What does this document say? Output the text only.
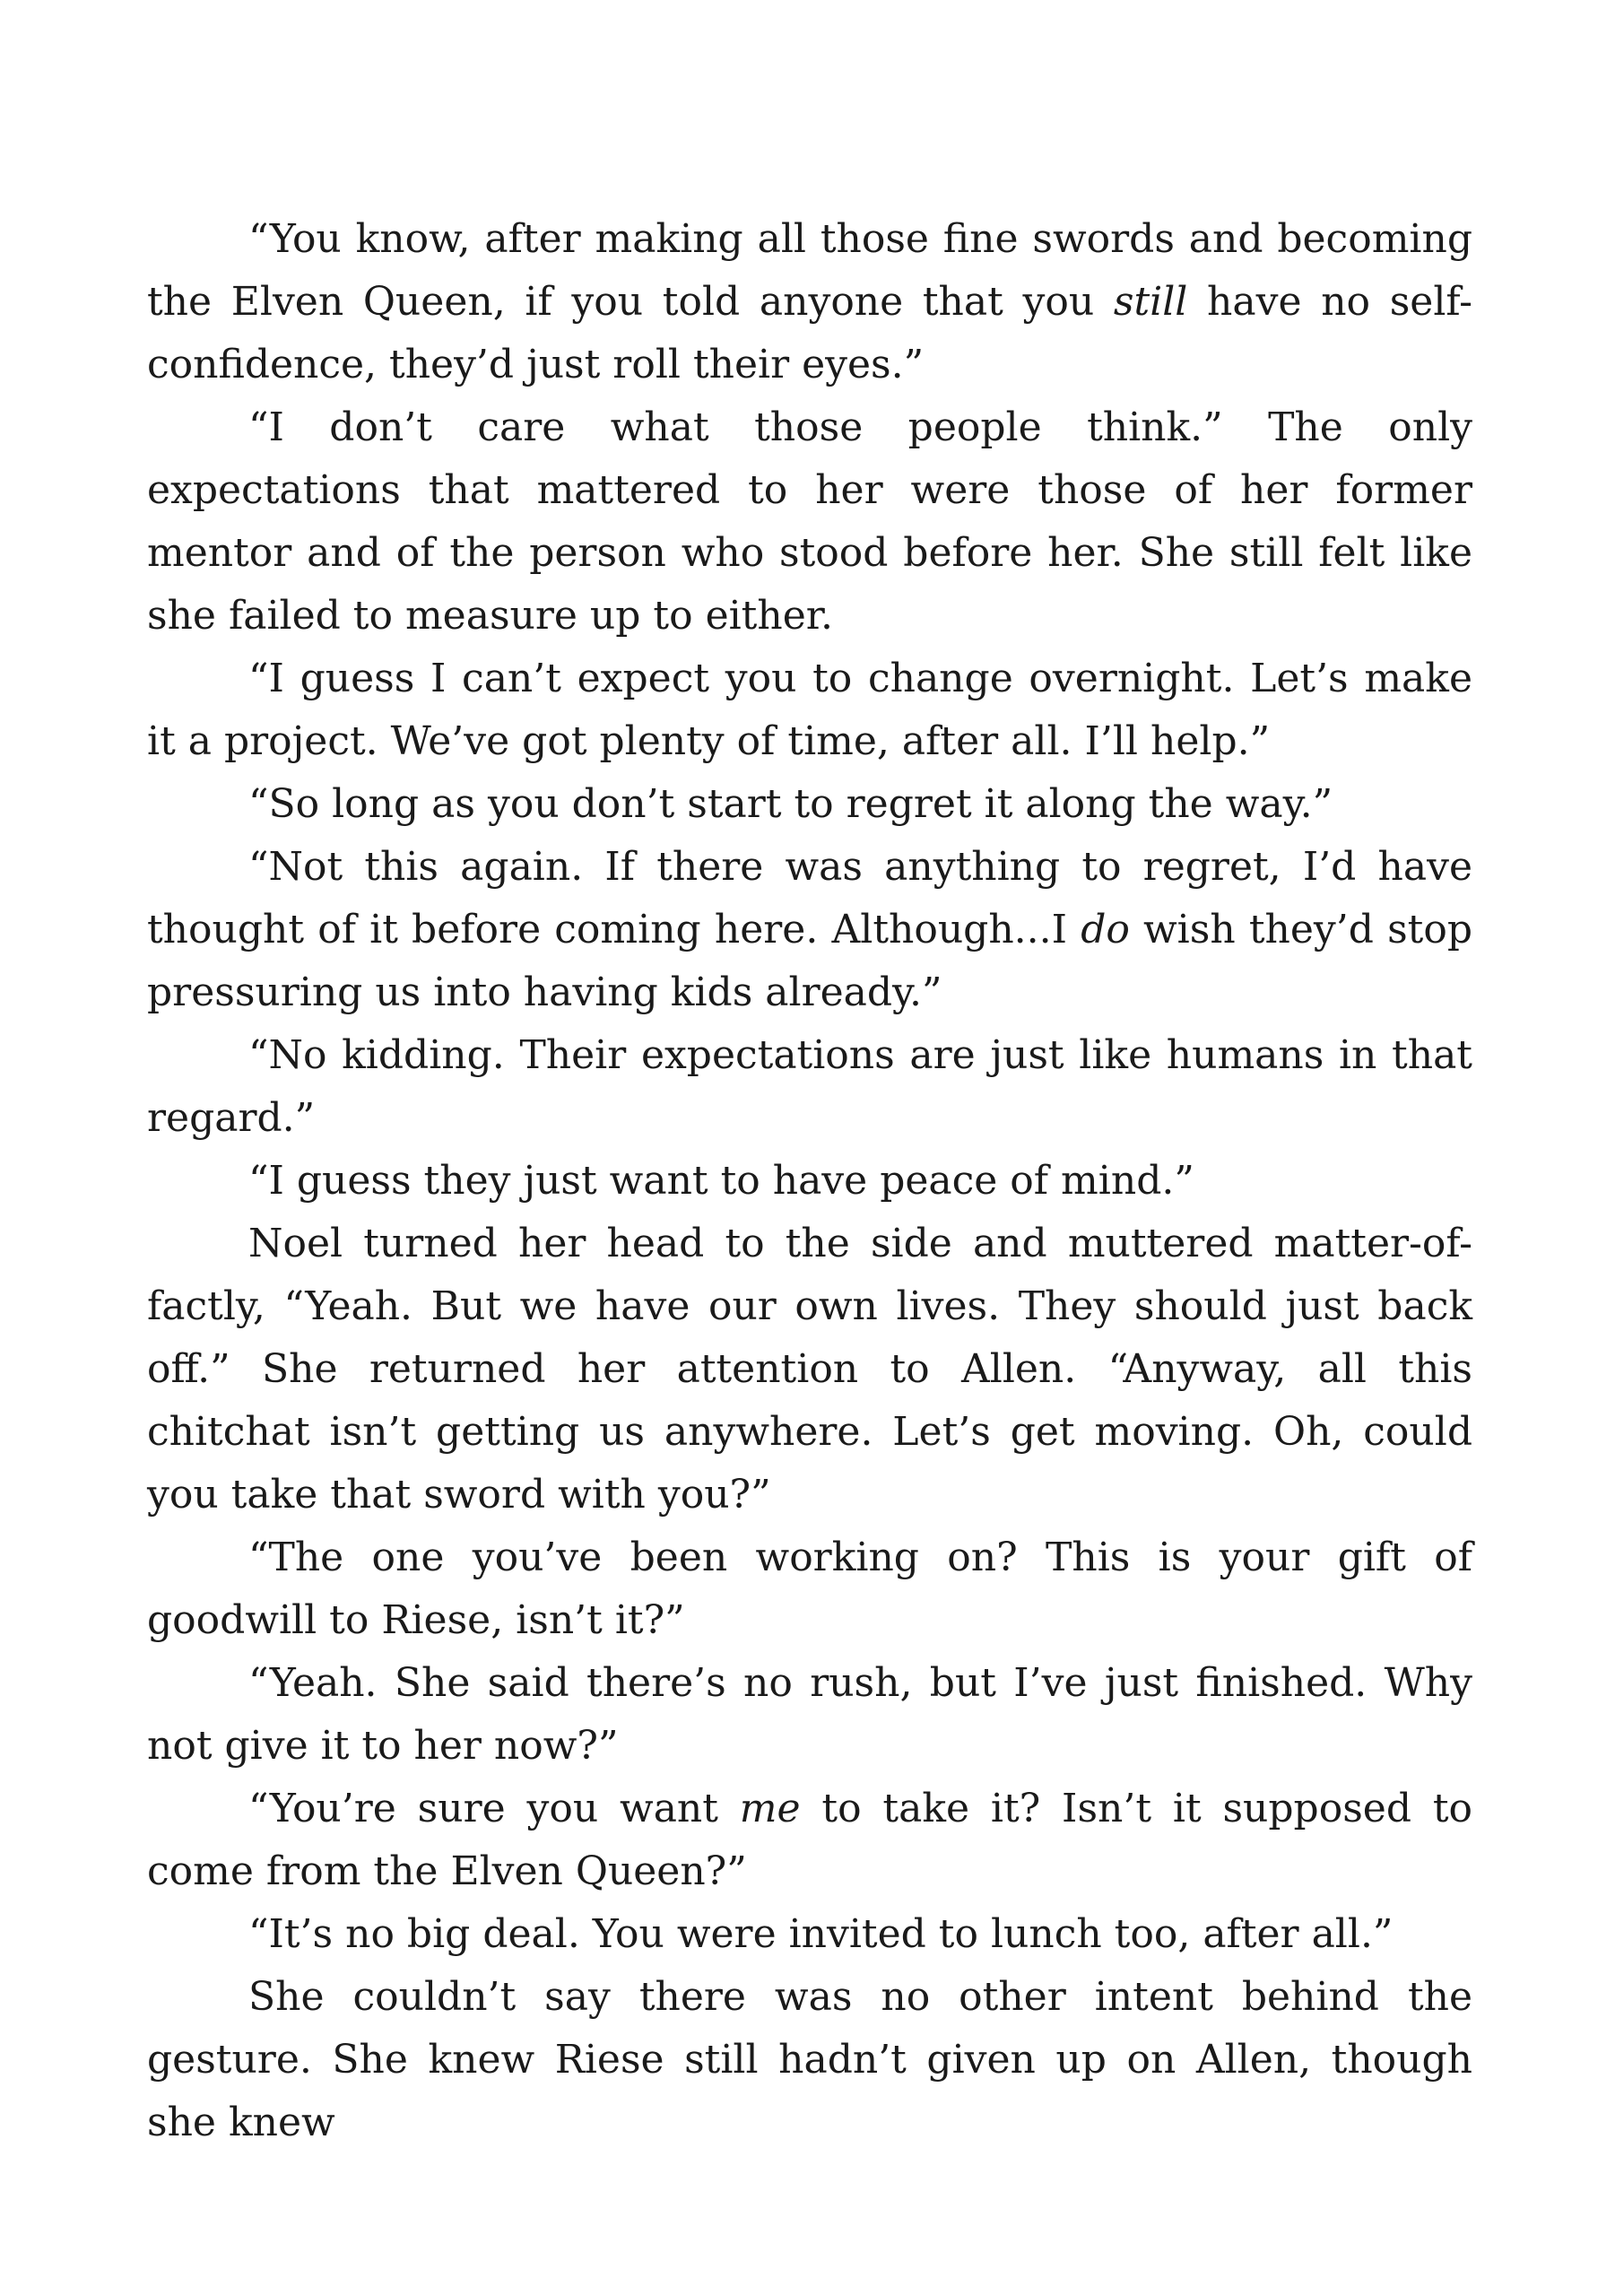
“You know, after making all those fine swords and becoming the Elven Queen, if you told anyone that you still have no self-confidence, they’d just roll their eyes.”

“I don’t care what those people think.” The only expectations that mattered to her were those of her former mentor and of the person who stood before her. She still felt like she failed to measure up to either.

“I guess I can’t expect you to change overnight. Let’s make it a project. We’ve got plenty of time, after all. I’ll help.”

“So long as you don’t start to regret it along the way.”

“Not this again. If there was anything to regret, I’d have thought of it before coming here. Although...I do wish they’d stop pressuring us into having kids already.”

“No kidding. Their expectations are just like humans in that regard.”

“I guess they just want to have peace of mind.”

Noel turned her head to the side and muttered matter-of-factly, “Yeah. But we have our own lives. They should just back off.” She returned her attention to Allen. “Anyway, all this chitchat isn’t getting us anywhere. Let’s get moving. Oh, could you take that sword with you?”

“The one you’ve been working on? This is your gift of goodwill to Riese, isn’t it?”

“Yeah. She said there’s no rush, but I’ve just finished. Why not give it to her now?”

“You’re sure you want me to take it? Isn’t it supposed to come from the Elven Queen?”

“It’s no big deal. You were invited to lunch too, after all.”

She couldn’t say there was no other intent behind the gesture. She knew Riese still hadn’t given up on Allen, though she knew
